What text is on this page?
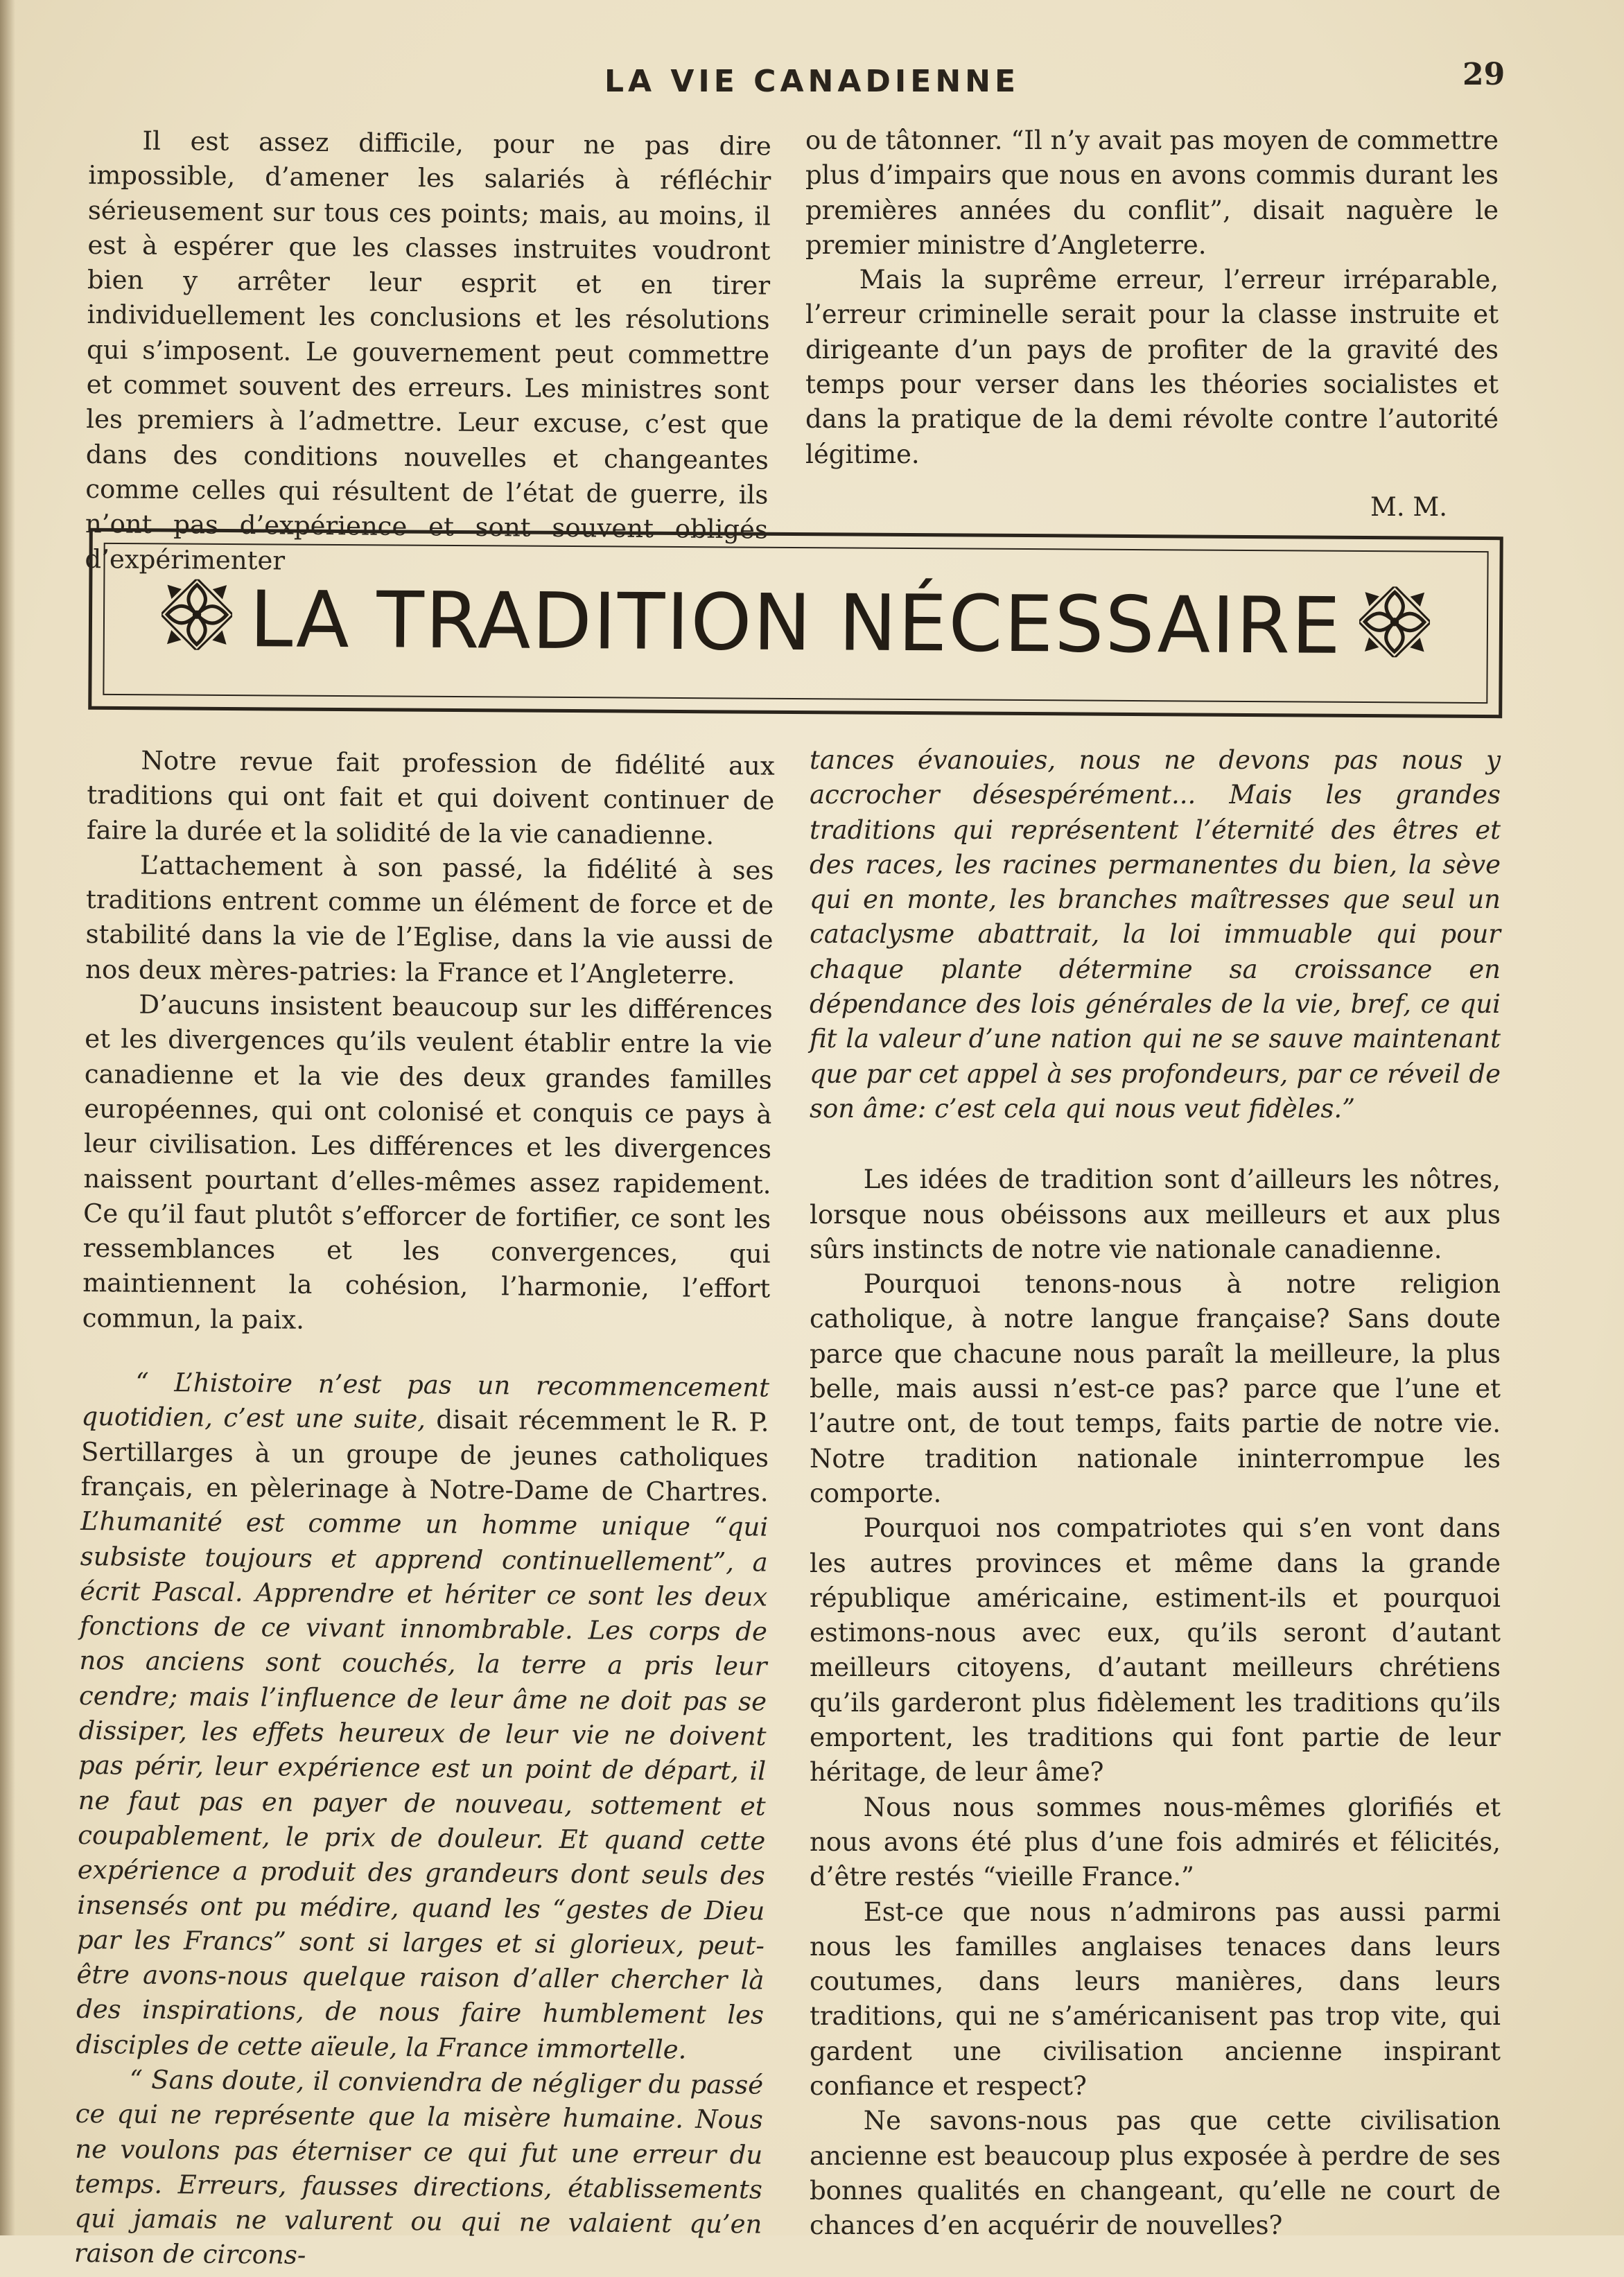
LA VIE CANADIENNE	29

Il est assez difficile, pour ne pas dire impossible, d’amener les salariés à réfléchir sérieusement sur tous ces points; mais, au moins, il est à espérer que les classes instruites voudront bien y arrêter leur esprit et en tirer individuellement les conclusions et les résolutions qui s’imposent. Le gouvernement peut commettre et commet souvent des erreurs. Les ministres sont les premiers à l’admettre. Leur excuse, c’est que dans des conditions nouvelles et changeantes comme celles qui résultent de l’état de guerre, ils n’ont pas d’expérience et sont souvent obligés d’expérimenter

ou de tâtonner. “Il n’y avait pas moyen de commettre plus d’impairs que nous en avons commis durant les premières années du conflit”, disait naguère le premier ministre d’Angleterre.

Mais la suprême erreur, l’erreur irréparable, l’erreur criminelle serait pour la classe instruite et dirigeante d’un pays de profiter de la gravité des temps pour verser dans les théories socialistes et dans la pratique de la demi révolte contre l’autorité légitime.

M. M.

LA TRADITION NÉCESSAIRE

Notre revue fait profession de fidélité aux traditions qui ont fait et qui doivent continuer de faire la durée et la solidité de la vie canadienne.

L’attachement à son passé, la fidélité à ses traditions entrent comme un élément de force et de stabilité dans la vie de l’Eglise, dans la vie aussi de nos deux mères-patries: la France et l’Angleterre.

D’aucuns insistent beaucoup sur les différences et les divergences qu’ils veulent établir entre la vie canadienne et la vie des deux grandes familles européennes, qui ont colonisé et conquis ce pays à leur civilisation. Les différences et les divergences naissent pourtant d’elles-mêmes assez rapidement. Ce qu’il faut plutôt s’efforcer de fortifier, ce sont les ressemblances et les convergences, qui maintiennent la cohésion, l’harmonie, l’effort commun, la paix.

“ L’histoire n’est pas un recommencement quotidien, c’est une suite, disait récemment le R. P. Sertillarges à un groupe de jeunes catholiques français, en pèlerinage à Notre-Dame de Chartres. L’humanité est comme un homme unique “qui subsiste toujours et apprend continuellement”, a écrit Pascal. Apprendre et hériter ce sont les deux fonctions de ce vivant innombrable. Les corps de nos anciens sont couchés, la terre a pris leur cendre; mais l’influence de leur âme ne doit pas se dissiper, les effets heureux de leur vie ne doivent pas périr, leur expérience est un point de départ, il ne faut pas en payer de nouveau, sottement et coupablement, le prix de douleur. Et quand cette expérience a produit des grandeurs dont seuls des insensés ont pu médire, quand les “gestes de Dieu par les Francs” sont si larges et si glorieux, peut-être avons-nous quelque raison d’aller chercher là des inspirations, de nous faire humblement les disciples de cette aïeule, la France immortelle.

“ Sans doute, il conviendra de négliger du passé ce qui ne représente que la misère humaine. Nous ne voulons pas éterniser ce qui fut une erreur du temps. Erreurs, fausses directions, établissements qui jamais ne valurent ou qui ne valaient qu’en raison de circons-

tances évanouies, nous ne devons pas nous y accrocher désespérément... Mais les grandes traditions qui représentent l’éternité des êtres et des races, les racines permanentes du bien, la sève qui en monte, les branches maîtresses que seul un cataclysme abattrait, la loi immuable qui pour chaque plante détermine sa croissance en dépendance des lois générales de la vie, bref, ce qui fit la valeur d’une nation qui ne se sauve maintenant que par cet appel à ses profondeurs, par ce réveil de son âme: c’est cela qui nous veut fidèles.”

Les idées de tradition sont d’ailleurs les nôtres, lorsque nous obéissons aux meilleurs et aux plus sûrs instincts de notre vie nationale canadienne.

Pourquoi tenons-nous à notre religion catholique, à notre langue française? Sans doute parce que chacune nous paraît la meilleure, la plus belle, mais aussi n’est-ce pas? parce que l’une et l’autre ont, de tout temps, faits partie de notre vie. Notre tradition nationale ininterrompue les comporte.

Pourquoi nos compatriotes qui s’en vont dans les autres provinces et même dans la grande république américaine, estiment-ils et pourquoi estimons-nous avec eux, qu’ils seront d’autant meilleurs citoyens, d’autant meilleurs chrétiens qu’ils garderont plus fidèlement les traditions qu’ils emportent, les traditions qui font partie de leur héritage, de leur âme?

Nous nous sommes nous-mêmes glorifiés et nous avons été plus d’une fois admirés et félicités, d’être restés “vieille France.”

Est-ce que nous n’admirons pas aussi parmi nous les familles anglaises tenaces dans leurs coutumes, dans leurs manières, dans leurs traditions, qui ne s’américanisent pas trop vite, qui gardent une civilisation ancienne inspirant confiance et respect?

Ne savons-nous pas que cette civilisation ancienne est beaucoup plus exposée à perdre de ses bonnes qualités en changeant, qu’elle ne court de chances d’en acquérir de nouvelles?
